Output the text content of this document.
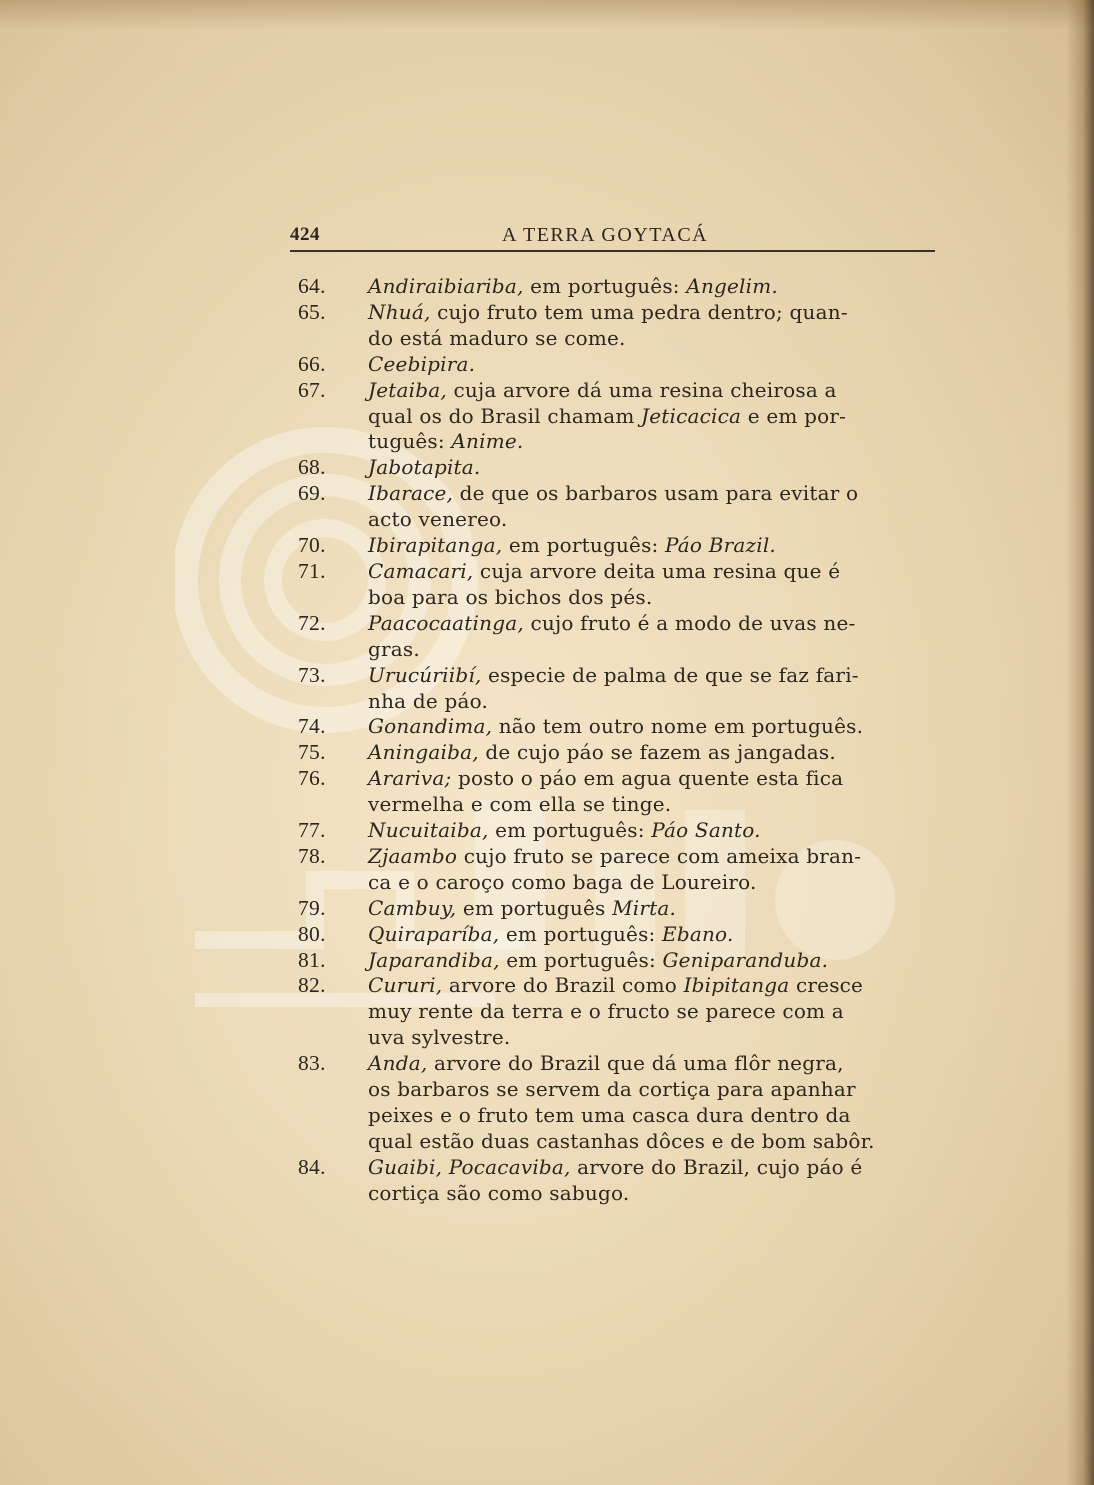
424	A TERRA GOYTACÁ
64.	Andiraibiariba, em português: Angelim.
65.	Nhuá, cujo fruto tem uma pedra dentro; quan-
do está maduro se come.
66.	Ceebipira.
67.	Jetaiba, cuja arvore dá uma resina cheirosa a
qual os do Brasil chamam Jeticacica e em por-
tuguês: Anime.
68.	Jabotapita.
69.	Ibarace, de que os barbaros usam para evitar o
acto venereo.
70.	Ibirapitanga, em português: Páo Brazil.
71.	Camacari, cuja arvore deita uma resina que é
boa para os bichos dos pés.
72.	Paacocaatinga, cujo fruto é a modo de uvas ne-
gras.
73.	Urucúriibí, especie de palma de que se faz fari-
nha de páo.
74.	Gonandima, não tem outro nome em português.
75.	Aningaiba, de cujo páo se fazem as jangadas.
76.	Arariva; posto o páo em agua quente esta fica
vermelha e com ella se tinge.
77.	Nucuitaiba, em português: Páo Santo.
78.	Zjaambo cujo fruto se parece com ameixa bran-
ca e o caroço como baga de Loureiro.
79.	Cambuy, em português Mirta.
80.	Quiraparíba, em português: Ebano.
81.	Japarandiba, em português: Geniparanduba.
82.	Cururi, arvore do Brazil como Ibipitanga cresce
muy rente da terra e o fructo se parece com a
uva sylvestre.
83.	Anda, arvore do Brazil que dá uma flôr negra,
os barbaros se servem da cortiça para apanhar
peixes e o fruto tem uma casca dura dentro da
qual estão duas castanhas dôces e de bom sabôr.
84.	Guaibi, Pocacaviba, arvore do Brazil, cujo páo é
cortiça são como sabugo.
